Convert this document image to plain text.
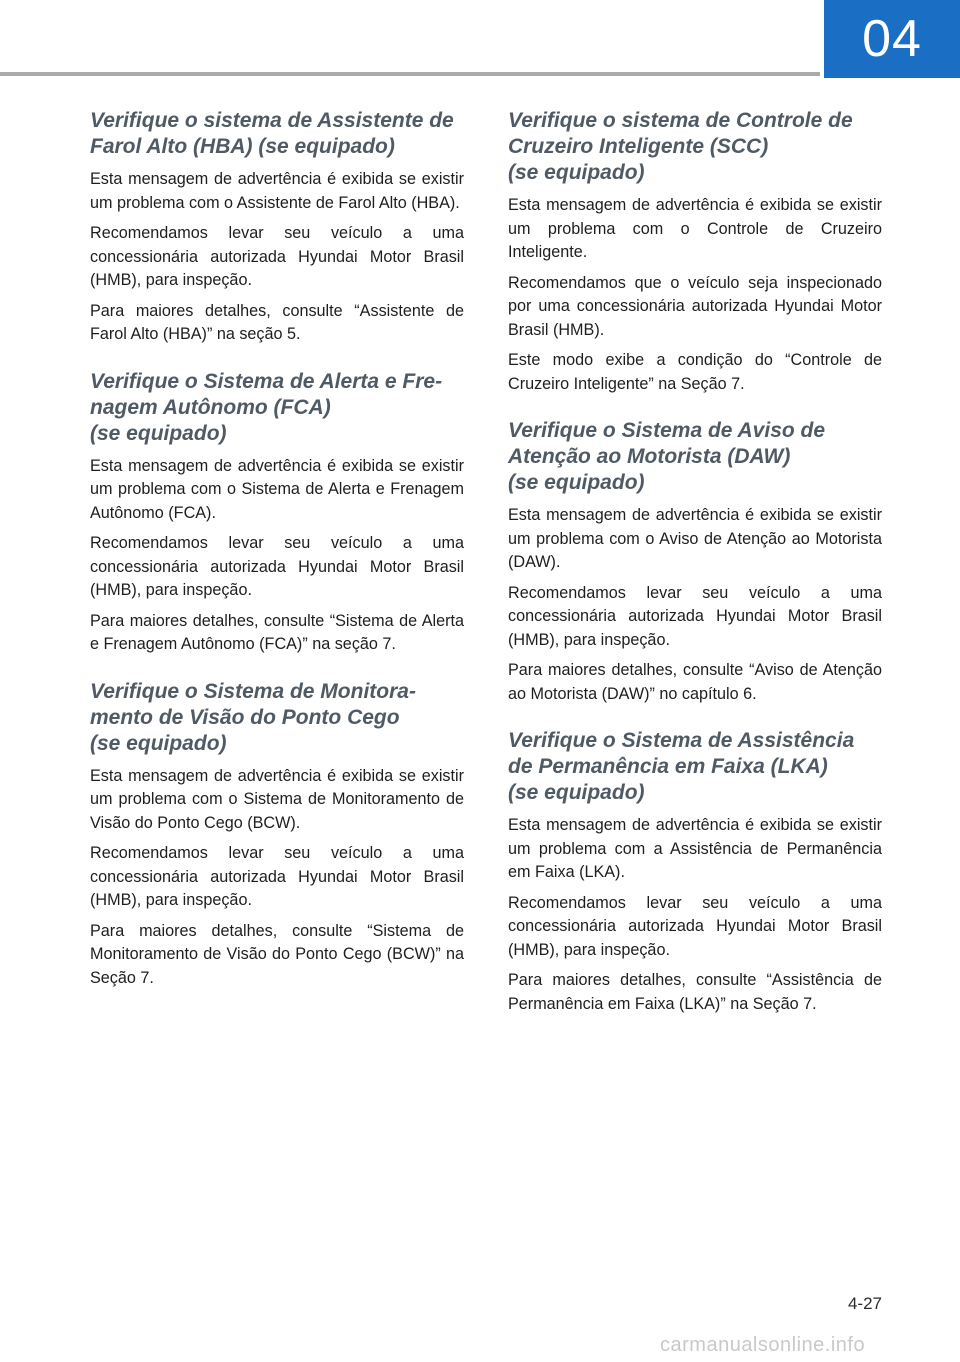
04
Verifique o sistema de Assistente de
Farol Alto (HBA) (se equipado)

Esta mensagem de advertência é exibida se existir um problema com o Assistente de Farol Alto (HBA).

Recomendamos levar seu veículo a uma concessionária autorizada Hyundai Motor Brasil (HMB), para inspeção.

Para maiores detalhes, consulte “Assistente de Farol Alto (HBA)” na seção 5.

Verifique o Sistema de Alerta e Fre-
nagem Autônomo (FCA)
(se equipado)

Esta mensagem de advertência é exibida se existir um problema com o Sistema de Alerta e Frenagem Autônomo (FCA).

Recomendamos levar seu veículo a uma concessionária autorizada Hyundai Motor Brasil (HMB), para inspeção.

Para maiores detalhes, consulte “Sistema de Alerta e Frenagem Autônomo (FCA)” na seção 7.

Verifique o Sistema de Monitora-
mento de Visão do Ponto Cego
(se equipado)

Esta mensagem de advertência é exibida se existir um problema com o Sistema de Monitoramento de Visão do Ponto Cego (BCW).

Recomendamos levar seu veículo a uma concessionária autorizada Hyundai Motor Brasil (HMB), para inspeção.

Para maiores detalhes, consulte “Sistema de Monitoramento de Visão do Ponto Cego (BCW)” na Seção 7.

Verifique o sistema de Controle de
Cruzeiro Inteligente (SCC)
(se equipado)

Esta mensagem de advertência é exibida se existir um problema com o Controle de Cruzeiro Inteligente.

Recomendamos que o veículo seja inspecionado por uma concessionária autorizada Hyundai Motor Brasil (HMB).

Este modo exibe a condição do “Controle de Cruzeiro Inteligente” na Seção 7.

Verifique o Sistema de Aviso de
Atenção ao Motorista (DAW)
(se equipado)

Esta mensagem de advertência é exibida se existir um problema com o Aviso de Atenção ao Motorista (DAW).

Recomendamos levar seu veículo a uma concessionária autorizada Hyundai Motor Brasil (HMB), para inspeção.

Para maiores detalhes, consulte “Aviso de Atenção ao Motorista (DAW)” no capítulo 6.

Verifique o Sistema de Assistência
de Permanência em Faixa (LKA)
(se equipado)

Esta mensagem de advertência é exibida se existir um problema com a Assistência de Permanência em Faixa (LKA).

Recomendamos levar seu veículo a uma concessionária autorizada Hyundai Motor Brasil (HMB), para inspeção.

Para maiores detalhes, consulte “Assistência de Permanência em Faixa (LKA)” na Seção 7.

4-27
carmanualsonline.info
